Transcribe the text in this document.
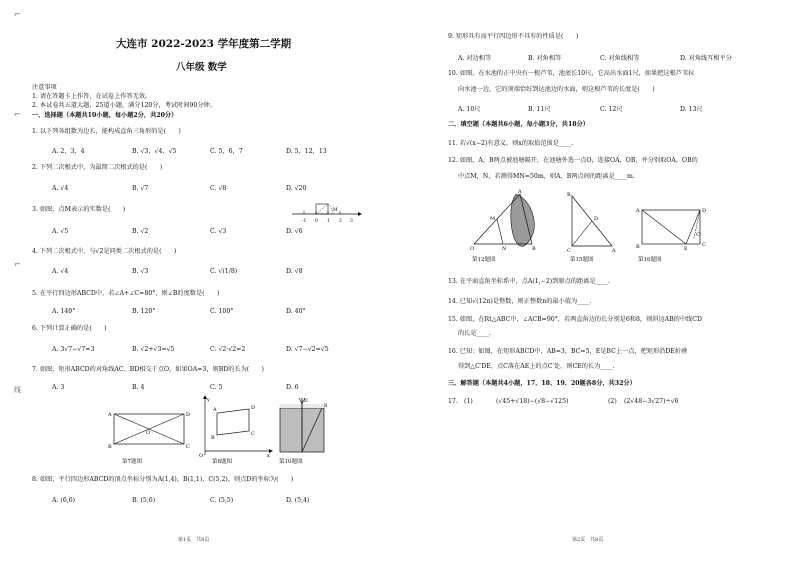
⌐
⌐
⌐
线
大连市 2022-2023 学年度第二学期
八年级 数学
注意事项
1. 请在答题卡上作答，在试卷上作答无效。
2. 本试卷共五道大题，25道小题，满分120分，考试时间90分钟。
一、选择题（本题共10小题，每小题2分，共20分）
1. 以下列各组数为边长，能构成直角三角形的是(　　)
A. 2，3，4	B. √3，√4，√5	C. 5，6，7	D. 5，12，13
2. 下列二次根式中，为最简二次根式的是(　　)
A. √4	B. √7	C. √8	D. √20
3. 如图，点M表示的实数是(　　)
-1 0 1 2 3
M
A. √5	B. √2	C. √3	D. √6
4. 下列二次根式中，与√2是同类二次根式的是(　　)
A. √4	B. √3	C. √(1/8)	D. √8
5. 在平行四边形ABCD中，若∠A+∠C=80°，则∠B的度数是(　　)
A. 140°	B. 120°	C. 100°	D. 40°
6. 下列计算正确的是(　　)
A. 3√7−√7=3	B. √2+√3=√5	C. √2·√2=2	D. √7−√2=√5
7. 如图，矩形ABCD的对角线AC、BD相交于点O，如果OA=3，则BD的长为(　　)
A. 3	B. 4	C. 5	D. 6
A	D
B	C
O
第7题图
A
B
C
D
O
y
x
第8题图
D
B
第10题图
8. 如图，平行四边形ABCD的顶点坐标分别为A(1,4)，B(1,1)，C(5,2)，则点D的坐标为(　　)
A. (6,6)	B. (5,6)	C. (5,5)	D. (5,4)
第1页　共8页
9. 矩形具有而平行四边形不具有的性质是(　　)
A. 对边相等	B. 对角相等	C. 对角线相等	D. 对角线互相平分
10. 如图，在水池的正中央有一根芦苇，池底长10尺，它高出水面1尺，如果把这根芦苇拉
向水池一边，它的顶端恰好到达池边的水面，则这根芦苇的长度是(　　)
A. 10尺	B. 11尺	C. 12尺	D. 13尺
二、填空题（本题共6小题，每小题3分，共18分）
11. 若√(x−2)有意义，则x的取值范围是____.
12. 如图，A，B两点被池塘隔开，在池塘外选一点O，连接OA，OB，并分别取OA，OB的
中点M，N，若测得MN=50m，则A，B两点间的距离是____m.
A
O	N	B
M
第12题图
B
D
C	A
第15题图
A	D
B	E
C
C′
第16题图
13. 在平面直角坐标系中，点A(1,−2)到原点的距离是____.
14. 已知√(12n)是整数，则正整数n的最小值为____.
15. 如图，在Rt△ABC中，∠ACB=90°，若两直角边的长分别是6和8，则斜边AB的中线CD
的长是____.
16. 已知：如图，在矩形ABCD中，AB=3，BC=5，E是BC上一点，把矩形沿DE折叠
得到△C′DE，点C落在AE上的点C′处，则CE的长为____.
三、解答题（本题共4小题，17、18、19、20题各8分，共32分）
17.　(1)	(√45+√18)−(√8−√125)	(2) (2√48−3√27)÷√6
第2页　共8页
